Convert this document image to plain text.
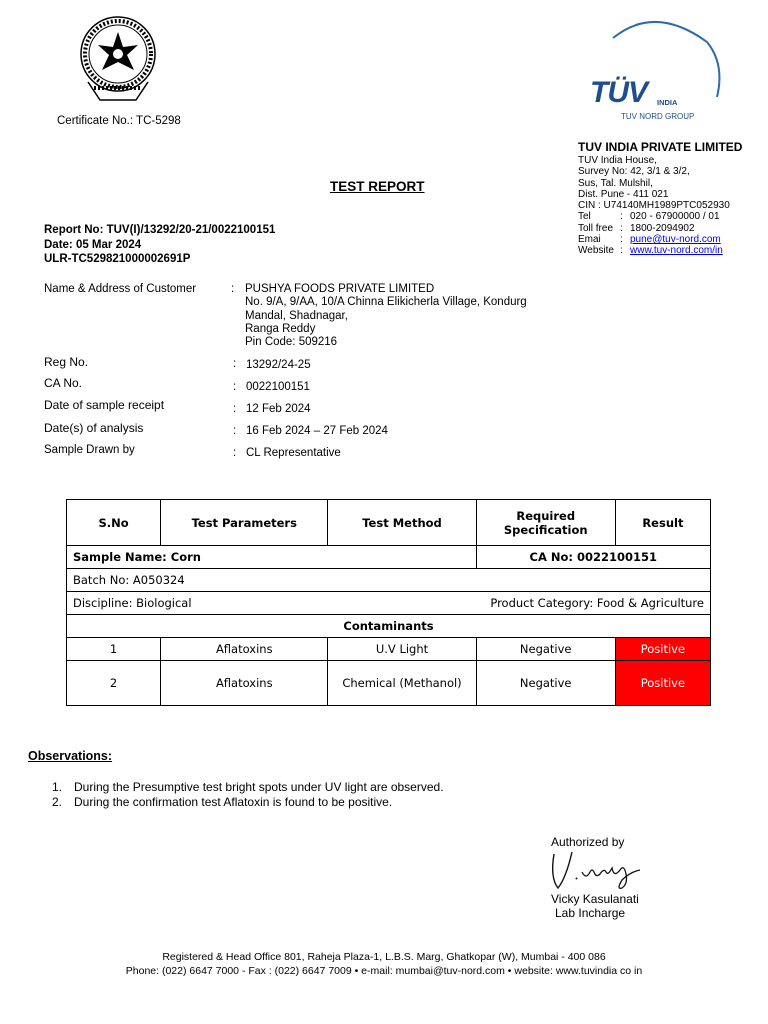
Certificate No.: TC-5298
TÜV INDIA
TUV NORD GROUP
TUV INDIA PRIVATE LIMITED
TUV India House,
Survey No: 42, 3/1 & 3/2,
Sus, Tal. Mulshil,
Dist. Pune - 411 021
CIN : U74140MH1989PTC052930
Tel	: 020 - 67900000 / 01
Toll free : 1800-2094902
Emai	: pune@tuv-nord.com
Website : www.tuv-nord.com/in
TEST REPORT
Report No: TUV(I)/13292/20-21/0022100151
Date: 05 Mar 2024
ULR-TC529821000002691P
Name & Address of Customer	: PUSHYA FOODS PRIVATE LIMITED
No. 9/A, 9/AA, 10/A Chinna Elikicherla Village, Kondurg
Mandal, Shadnagar,
Ranga Reddy
Pin Code: 509216
Reg No.	: 13292/24-25
CA No.	: 0022100151
Date of sample receipt	: 12 Feb 2024
Date(s) of analysis	: 16 Feb 2024 – 27 Feb 2024
Sample Drawn by	: CL Representative
S.No	Test Parameters	Test Method	Required Specification	Result
Sample Name: Corn			CA No: 0022100151	
Batch No: A050324				
Discipline: Biological Product Category: Food & Agriculture				

Contaminants				
1	Aflatoxins	U.V Light	Negative	Positive
2	Aflatoxins	Chemical (Methanol)	Negative	Positive
Observations:
1. During the Presumptive test bright spots under UV light are observed.
2. During the confirmation test Aflatoxin is found to be positive.
Authorized by
Vicky Kasulanati
Lab Incharge
Registered & Head Office 801, Raheja Plaza-1, L.B.S. Marg, Ghatkopar (W), Mumbai - 400 086
Phone: (022) 6647 7000 - Fax : (022) 6647 7009 • e-mail: mumbai@tuv-nord.com • website: www.tuvindia co in
